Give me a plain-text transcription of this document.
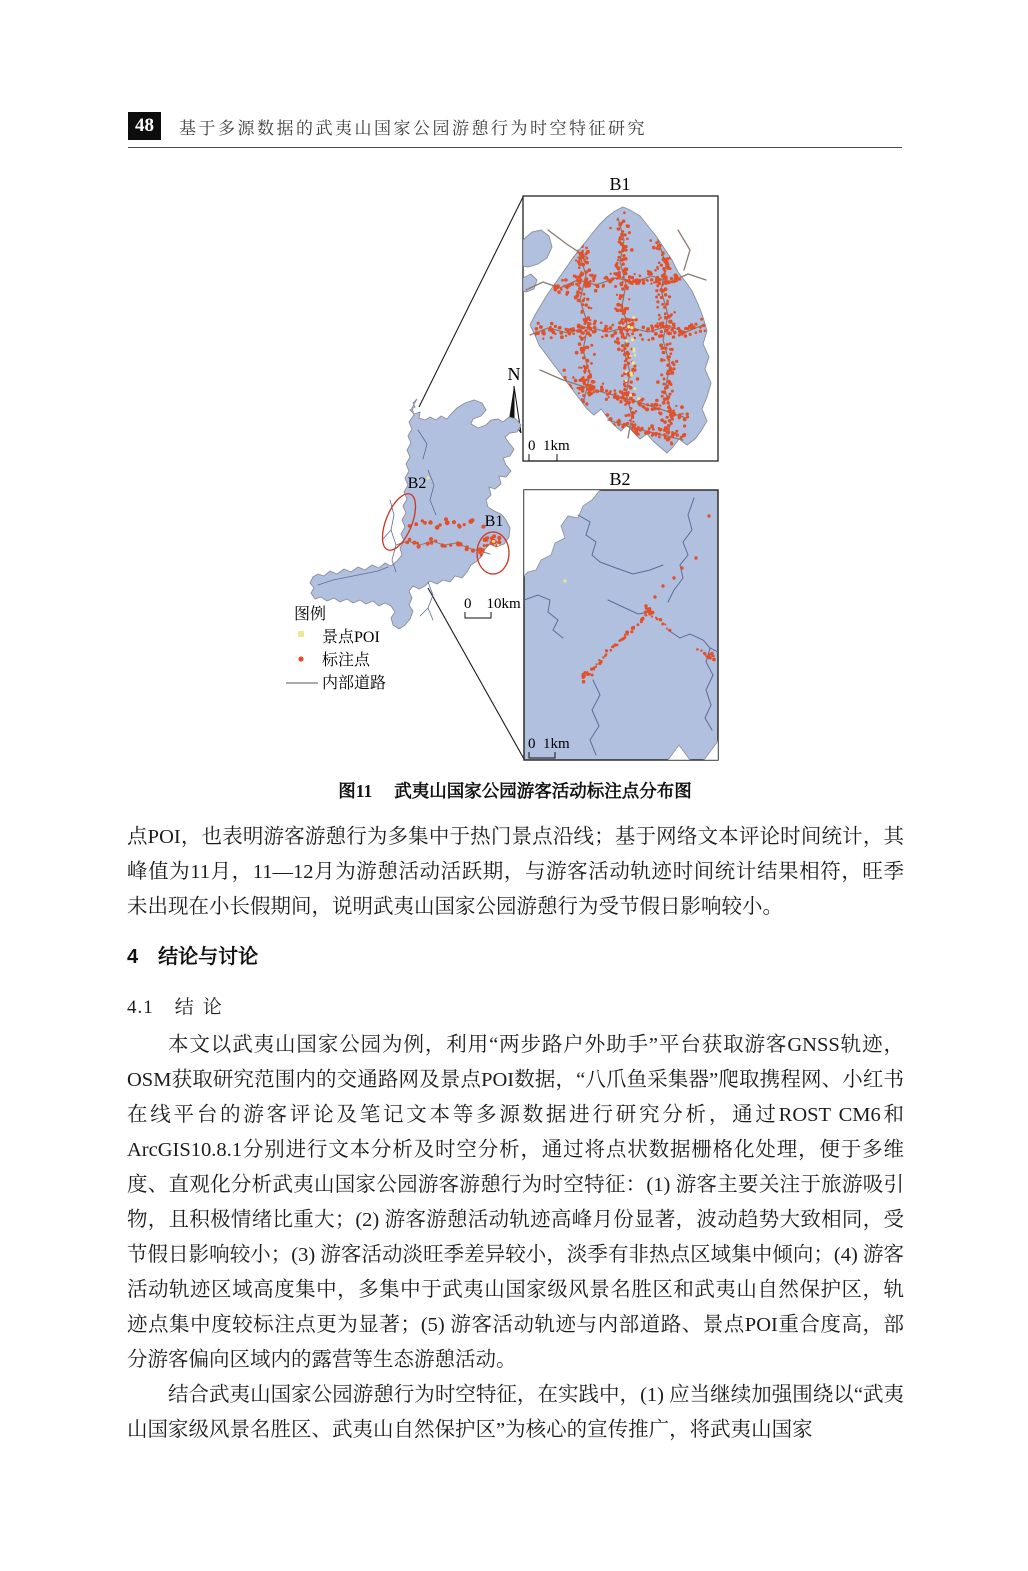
48 基于多源数据的武夷山国家公园游憩行为时空特征研究
B1
0  1km
B2
0  1km
N
B2
B1
0    10km
图例
景点POI
标注点
内部道路
图11 武夷山国家公园游客活动标注点分布图

点POI，也表明游客游憩行为多集中于热门景点沿线；基于网络文本评论时间统计，其峰值为11月，11—12月为游憩活动活跃期，与游客活动轨迹时间统计结果相符，旺季未出现在小长假期间，说明武夷山国家公园游憩行为受节假日影响较小。

4 结论与讨论
4.1 结论

本文以武夷山国家公园为例，利用“两步路户外助手”平台获取游客GNSS轨迹，OSM获取研究范围内的交通路网及景点POI数据，“八爪鱼采集器”爬取携程网、小红书在线平台的游客评论及笔记文本等多源数据进行研究分析，通过ROST CM6和ArcGIS10.8.1分别进行文本分析及时空分析，通过将点状数据栅格化处理，便于多维度、直观化分析武夷山国家公园游客游憩行为时空特征：(1) 游客主要关注于旅游吸引物，且积极情绪比重大；(2) 游客游憩活动轨迹高峰月份显著，波动趋势大致相同，受节假日影响较小；(3) 游客活动淡旺季差异较小，淡季有非热点区域集中倾向；(4) 游客活动轨迹区域高度集中，多集中于武夷山国家级风景名胜区和武夷山自然保护区，轨迹点集中度较标注点更为显著；(5) 游客活动轨迹与内部道路、景点POI重合度高，部分游客偏向区域内的露营等生态游憩活动。

结合武夷山国家公园游憩行为时空特征，在实践中，(1) 应当继续加强围绕以“武夷山国家级风景名胜区、武夷山自然保护区”为核心的宣传推广，将武夷山国家
